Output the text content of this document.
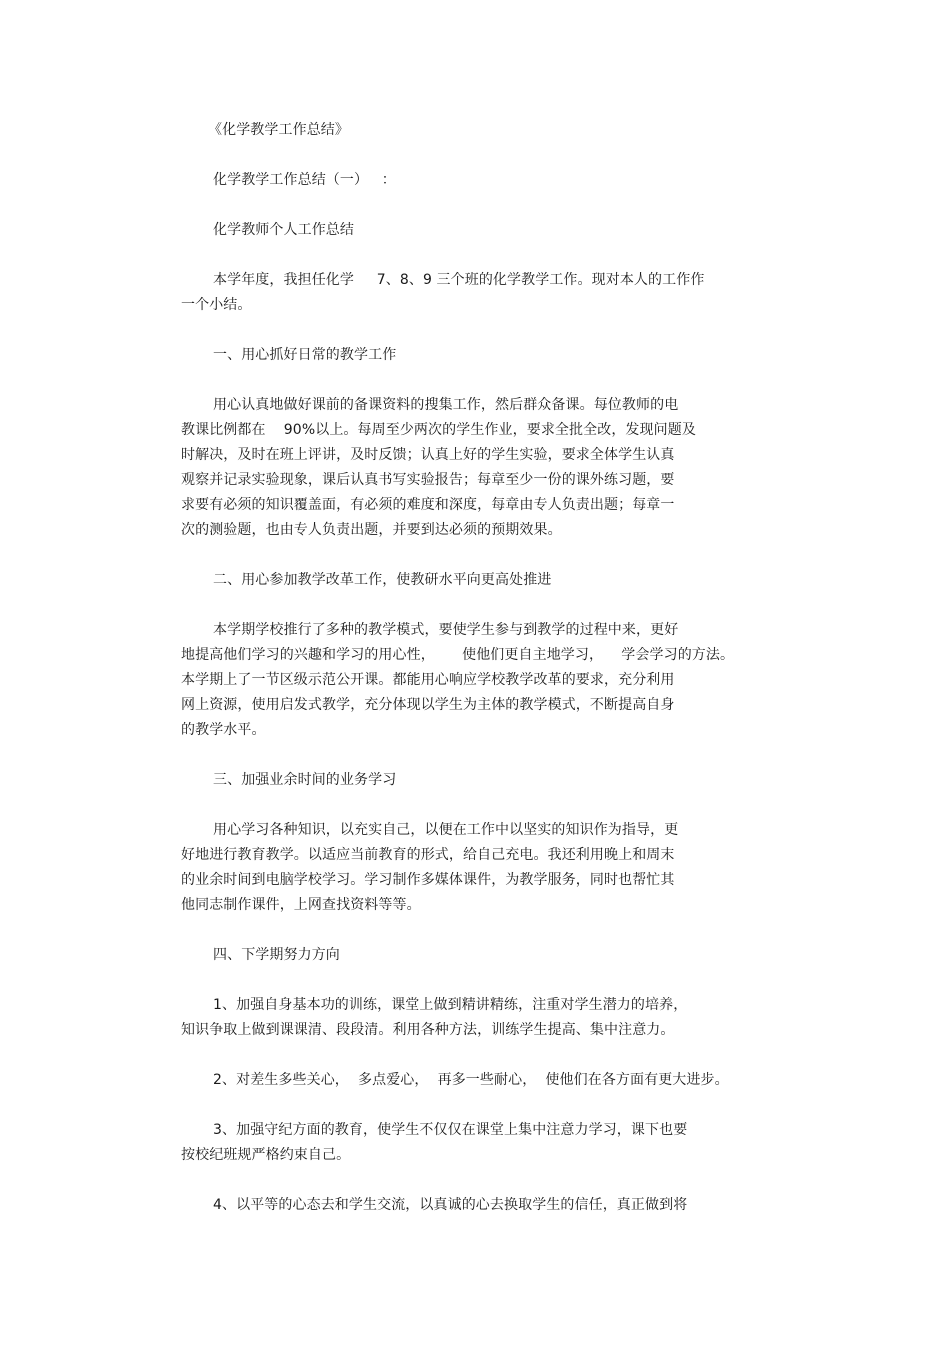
《化学教学工作总结》
化学教学工作总结（一）   ：
化学教师个人工作总结
本学年度，我担任化学     7、8、9 三个班的化学教学工作。现对本人的工作作
一个小结。
一、用心抓好日常的教学工作
用心认真地做好课前的备课资料的搜集工作，然后群众备课。每位教师的电
教课比例都在    90%以上。每周至少两次的学生作业，要求全批全改，发现问题及
时解决，及时在班上评讲，及时反馈；认真上好的学生实验，要求全体学生认真
观察并记录实验现象，课后认真书写实验报告；每章至少一份的课外练习题，要
求要有必须的知识覆盖面，有必须的难度和深度，每章由专人负责出题；每章一
次的测验题，也由专人负责出题，并要到达必须的预期效果。
二、用心参加教学改革工作，使教研水平向更高处推进
本学期学校推行了多种的教学模式，要使学生参与到教学的过程中来，更好
地提高他们学习的兴趣和学习的用心性，      使他们更自主地学习，    学会学习的方法。
本学期上了一节区级示范公开课。都能用心响应学校教学改革的要求，充分利用
网上资源，使用启发式教学，充分体现以学生为主体的教学模式，不断提高自身
的教学水平。
三、加强业余时间的业务学习
用心学习各种知识，以充实自己，以便在工作中以坚实的知识作为指导，更
好地进行教育教学。以适应当前教育的形式，给自己充电。我还利用晚上和周末
的业余时间到电脑学校学习。学习制作多媒体课件，为教学服务，同时也帮忙其
他同志制作课件，上网查找资料等等。
四、下学期努力方向
1、加强自身基本功的训练，课堂上做到精讲精练，注重对学生潜力的培养，
知识争取上做到课课清、段段清。利用各种方法，训练学生提高、集中注意力。
2、对差生多些关心，  多点爱心，  再多一些耐心，  使他们在各方面有更大进步。
3、加强守纪方面的教育，使学生不仅仅在课堂上集中注意力学习，课下也要
按校纪班规严格约束自己。
4、以平等的心态去和学生交流，以真诚的心去换取学生的信任，真正做到将
